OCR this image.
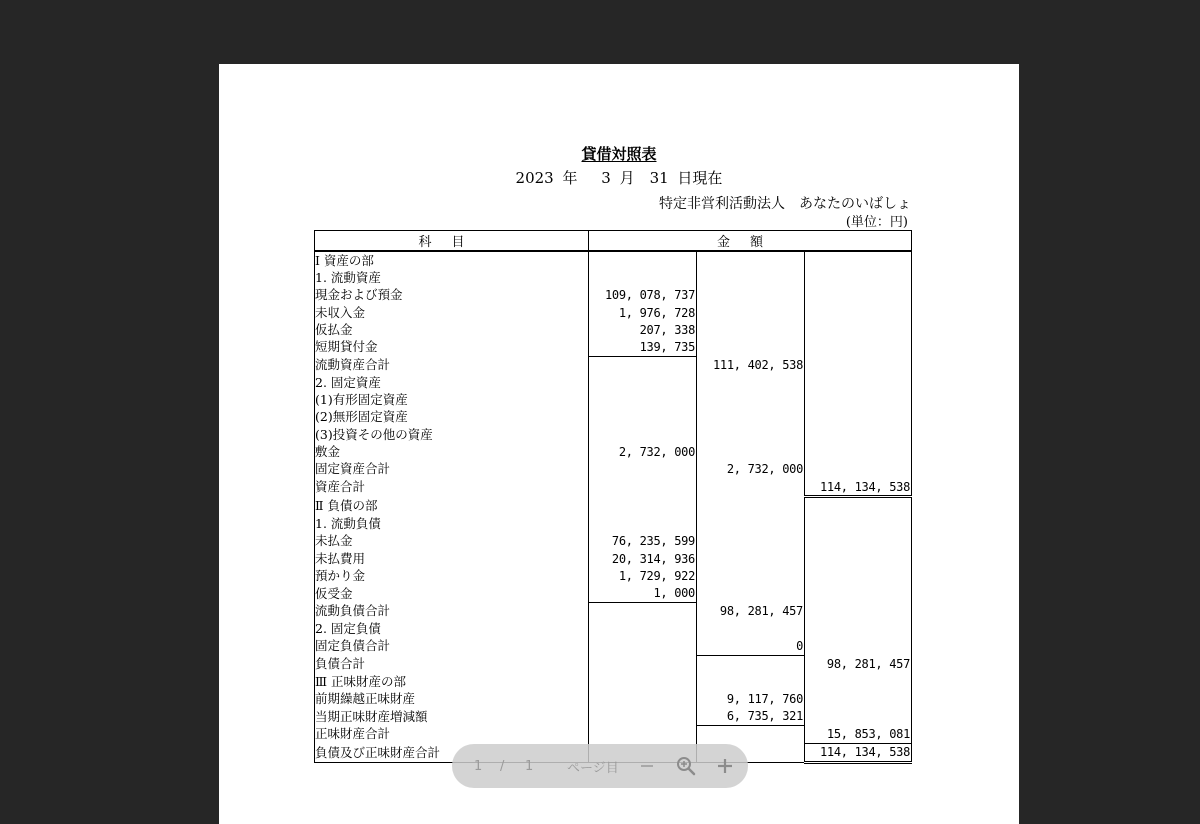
貸借対照表
2023 年　 3 月　31 日現在
特定非営利活動法人　あなたのいばしょ
(単位：円)
科目	金額		
Ⅰ 資産の部			
1. 流動資産			
現金および預金	109, 078, 737		
未収入金	1, 976, 728		
仮払金	207, 338		
短期貸付金	139, 735		
流動資産合計		111, 402, 538	
2. 固定資産			
(1)有形固定資産			
(2)無形固定資産			
(3)投資その他の資産			
敷金	2, 732, 000		
固定資産合計		2, 732, 000	
資産合計			114, 134, 538
Ⅱ 負債の部			
1. 流動負債			
未払金	76, 235, 599		
未払費用	20, 314, 936		
預かり金	1, 729, 922		
仮受金	1, 000		
流動負債合計		98, 281, 457	
2. 固定負債			
固定負債合計		0	
負債合計			98, 281, 457
Ⅲ 正味財産の部			
前期繰越正味財産		9, 117, 760	
当期正味財産増減額		6, 735, 321	
正味財産合計			15, 853, 081
負債及び正味財産合計			114, 134, 538
1 / 1	ページ目
